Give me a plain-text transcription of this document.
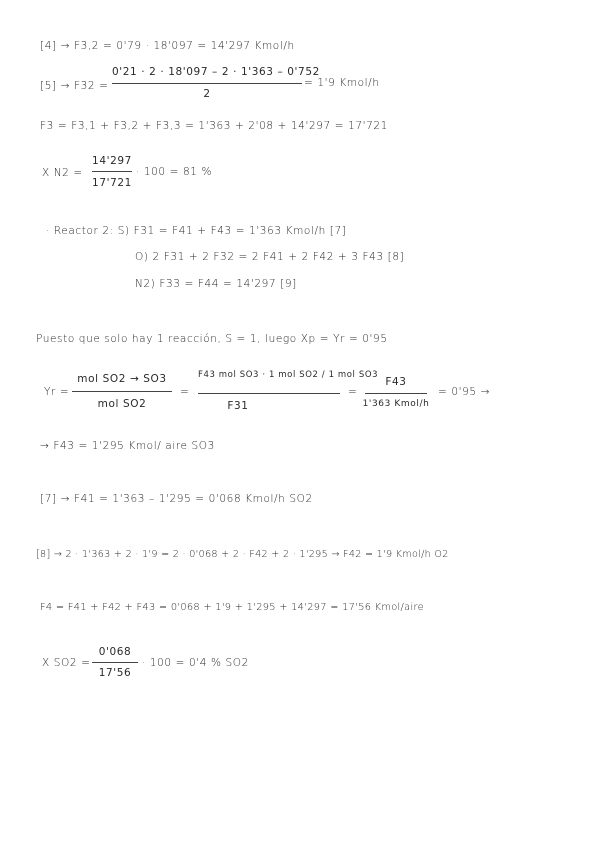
[4] → F3,2 = 0'79 · 18'097 = 14'297 Kmol/h
[5] → F32 =
0'21 · 2 · 18'097 – 2 · 1'363 – 0'752
2
= 1'9 Kmol/h
F3 = F3,1 + F3,2 + F3,3 = 1'363 + 2'08 + 14'297 = 17'721
X N2 =
14'297
17'721
· 100 = 81 %
· Reactor 2: S) F31 = F41 + F43 = 1'363 Kmol/h [7]
O) 2 F31 + 2 F32 = 2 F41 + 2 F42 + 3 F43 [8]
N2) F33 = F44 = 14'297 [9]
Puesto que solo hay 1 reacción, S = 1, luego Xp = Yr = 0'95
Yr =
mol SO2 → SO3
mol SO2
=
F43 mol SO3 · 1 mol SO2 / 1 mol SO3
F31
=
F43
1'363 Kmol/h
= 0'95 →
→ F43 = 1'295 Kmol/ aire SO3
[7] → F41 = 1'363 – 1'295 = 0'068 Kmol/h SO2
[8] → 2 · 1'363 + 2 · 1'9 = 2 · 0'068 + 2 · F42 + 2 · 1'295 → F42 = 1'9 Kmol/h O2
F4 = F41 + F42 + F43 = 0'068 + 1'9 + 1'295 + 14'297 = 17'56 Kmol/aire
X SO2 =
0'068
17'56
· 100 = 0'4 % SO2
